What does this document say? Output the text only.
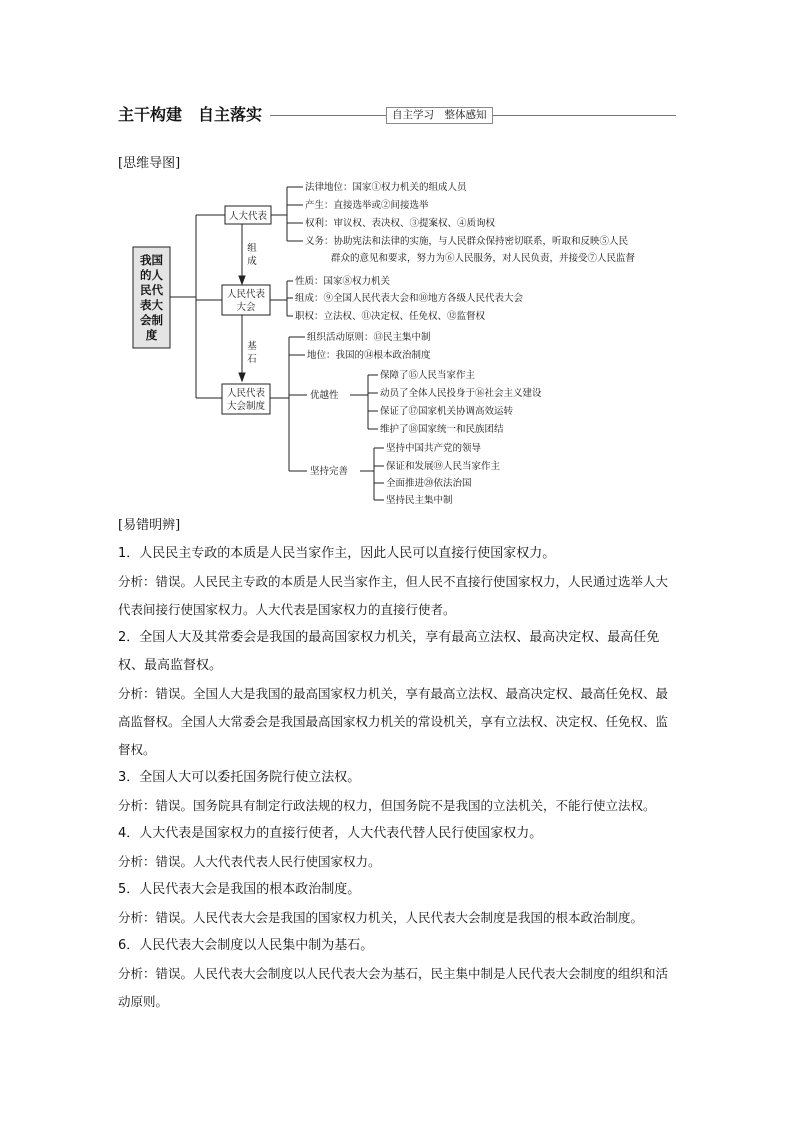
主干构建　自主落实	自主学习　整体感知
[思维导图]
我国
的人
民代
表大
会制
度
人大代表
组
成
人民代表
大会
基
石
人民代表
大会制度
法律地位：国家①权力机关的组成人员
产生：直接选举或②间接选举
权利：审议权、表决权、③提案权、④质询权
义务：协助宪法和法律的实施，与人民群众保持密切联系，听取和反映⑤人民
群众的意见和要求，努力为⑥人民服务，对人民负责，并接受⑦人民监督
性质：国家⑧权力机关
组成：⑨全国人民代表大会和⑩地方各级人民代表大会
职权：立法权、⑪决定权、任免权、⑫监督权
组织活动原则：⑬民主集中制
地位：我国的⑭根本政治制度
优越性
保障了⑮人民当家作主
动员了全体人民投身于⑯社会主义建设
保证了⑰国家机关协调高效运转
维护了⑱国家统一和民族团结
坚持完善
坚持中国共产党的领导
保证和发展⑲人民当家作主
全面推进⑳依法治国
坚持民主集中制
[易错明辨]

1．人民民主专政的本质是人民当家作主，因此人民可以直接行使国家权力。

分析：错误。人民民主专政的本质是人民当家作主，但人民不直接行使国家权力，人民通过选举人大代表间接行使国家权力。人大代表是国家权力的直接行使者。

2．全国人大及其常委会是我国的最高国家权力机关，享有最高立法权、最高决定权、最高任免权、最高监督权。

分析：错误。全国人大是我国的最高国家权力机关，享有最高立法权、最高决定权、最高任免权、最高监督权。全国人大常委会是我国最高国家权力机关的常设机关，享有立法权、决定权、任免权、监督权。

3．全国人大可以委托国务院行使立法权。

分析：错误。国务院具有制定行政法规的权力，但国务院不是我国的立法机关，不能行使立法权。

4．人大代表是国家权力的直接行使者，人大代表代替人民行使国家权力。

分析：错误。人大代表代表人民行使国家权力。

5．人民代表大会是我国的根本政治制度。

分析：错误。人民代表大会是我国的国家权力机关，人民代表大会制度是我国的根本政治制度。

6．人民代表大会制度以人民集中制为基石。

分析：错误。人民代表大会制度以人民代表大会为基石，民主集中制是人民代表大会制度的组织和活动原则。
